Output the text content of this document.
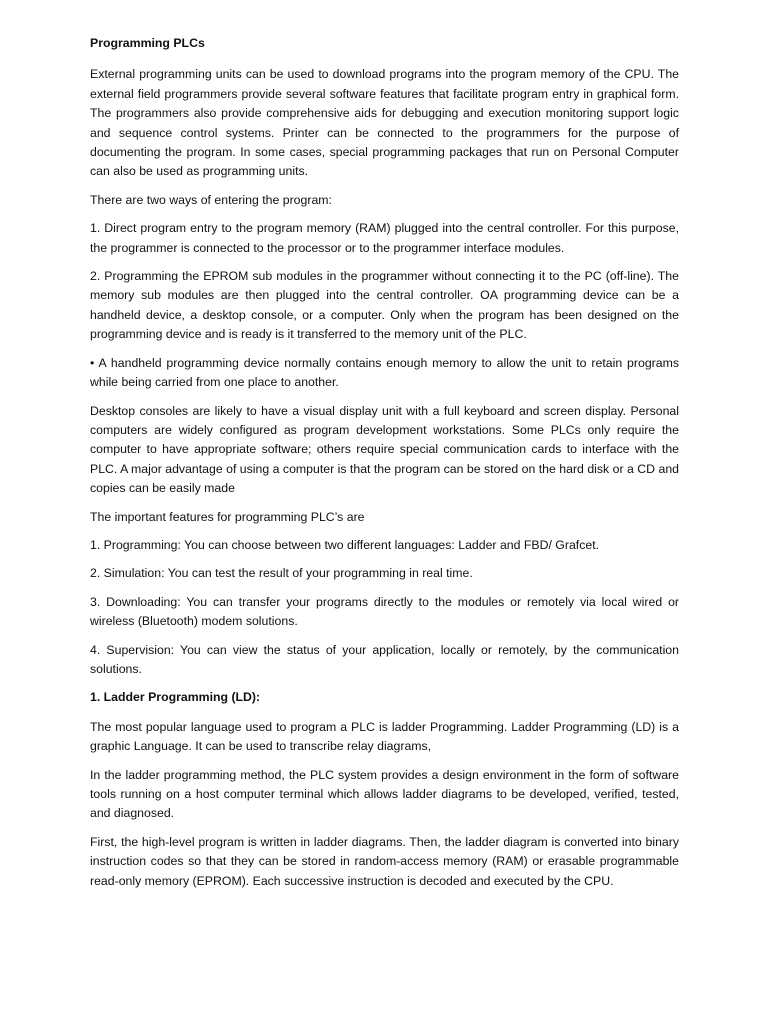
Programming PLCs

External programming units can be used to download programs into the program memory of the CPU. The external field programmers provide several software features that facilitate program entry in graphical form. The programmers also provide comprehensive aids for debugging and execution monitoring support logic and sequence control systems. Printer can be connected to the programmers for the purpose of documenting the program. In some cases, special programming packages that run on Personal Computer can also be used as programming units.

There are two ways of entering the program:

1. Direct program entry to the program memory (RAM) plugged into the central controller. For this purpose, the programmer is connected to the processor or to the programmer interface modules.

2. Programming the EPROM sub modules in the programmer without connecting it to the PC (off-line). The memory sub modules are then plugged into the central controller. OA programming device can be a handheld device, a desktop console, or a computer. Only when the program has been designed on the programming device and is ready is it transferred to the memory unit of the PLC.

• A handheld programming device normally contains enough memory to allow the unit to retain programs while being carried from one place to another.

Desktop consoles are likely to have a visual display unit with a full keyboard and screen display. Personal computers are widely configured as program development workstations. Some PLCs only require the computer to have appropriate software; others require special communication cards to interface with the PLC. A major advantage of using a computer is that the program can be stored on the hard disk or a CD and copies can be easily made

The important features for programming PLC’s are

1. Programming: You can choose between two different languages: Ladder and FBD/ Grafcet.

2. Simulation: You can test the result of your programming in real time.

3. Downloading: You can transfer your programs directly to the modules or remotely via local wired or wireless (Bluetooth) modem solutions.

4. Supervision: You can view the status of your application, locally or remotely, by the communication solutions.

1. Ladder Programming (LD):

The most popular language used to program a PLC is ladder Programming. Ladder Programming (LD) is a graphic Language. It can be used to transcribe relay diagrams,

In the ladder programming method, the PLC system provides a design environment in the form of software tools running on a host computer terminal which allows ladder diagrams to be developed, verified, tested, and diagnosed.

First, the high-level program is written in ladder diagrams. Then, the ladder diagram is converted into binary instruction codes so that they can be stored in random-access memory (RAM) or erasable programmable read-only memory (EPROM). Each successive instruction is decoded and executed by the CPU.
